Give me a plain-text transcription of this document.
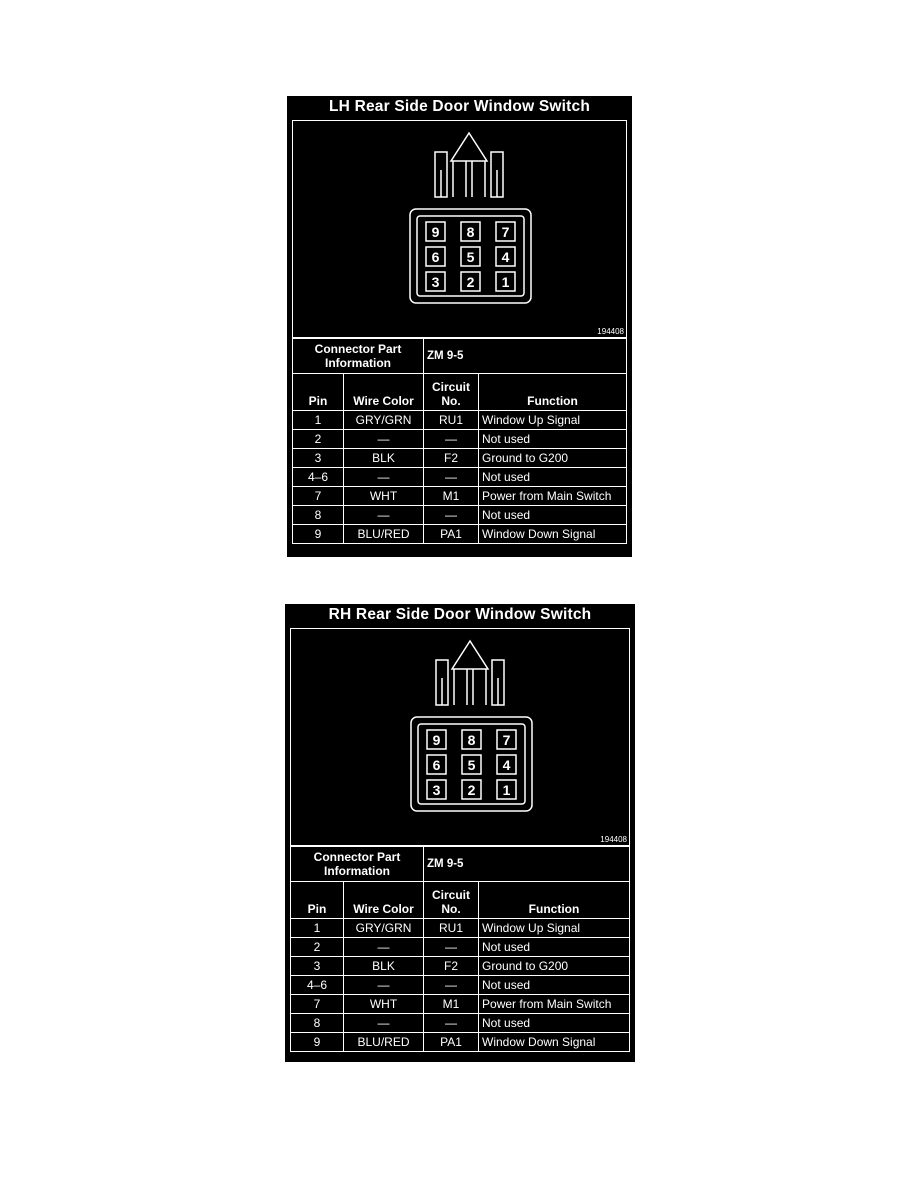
LH Rear Side Door Window Switch
9 8 7
6 5 4
3 2 1
194408
Connector Part Information		ZM 9-5	
Pin	Wire Color	Circuit No.	Function
1	GRY/GRN	RU1	Window Up Signal
2	—	—	Not used
3	BLK	F2	Ground to G200
4–6	—	—	Not used
7	WHT	M1	Power from Main Switch
8	—	—	Not used
9	BLU/RED	PA1	Window Down Signal
RH Rear Side Door Window Switch
9 8 7
6 5 4
3 2 1
194408
Connector Part Information		ZM 9-5	
Pin	Wire Color	Circuit No.	Function
1	GRY/GRN	RU1	Window Up Signal
2	—	—	Not used
3	BLK	F2	Ground to G200
4–6	—	—	Not used
7	WHT	M1	Power from Main Switch
8	—	—	Not used
9	BLU/RED	PA1	Window Down Signal
